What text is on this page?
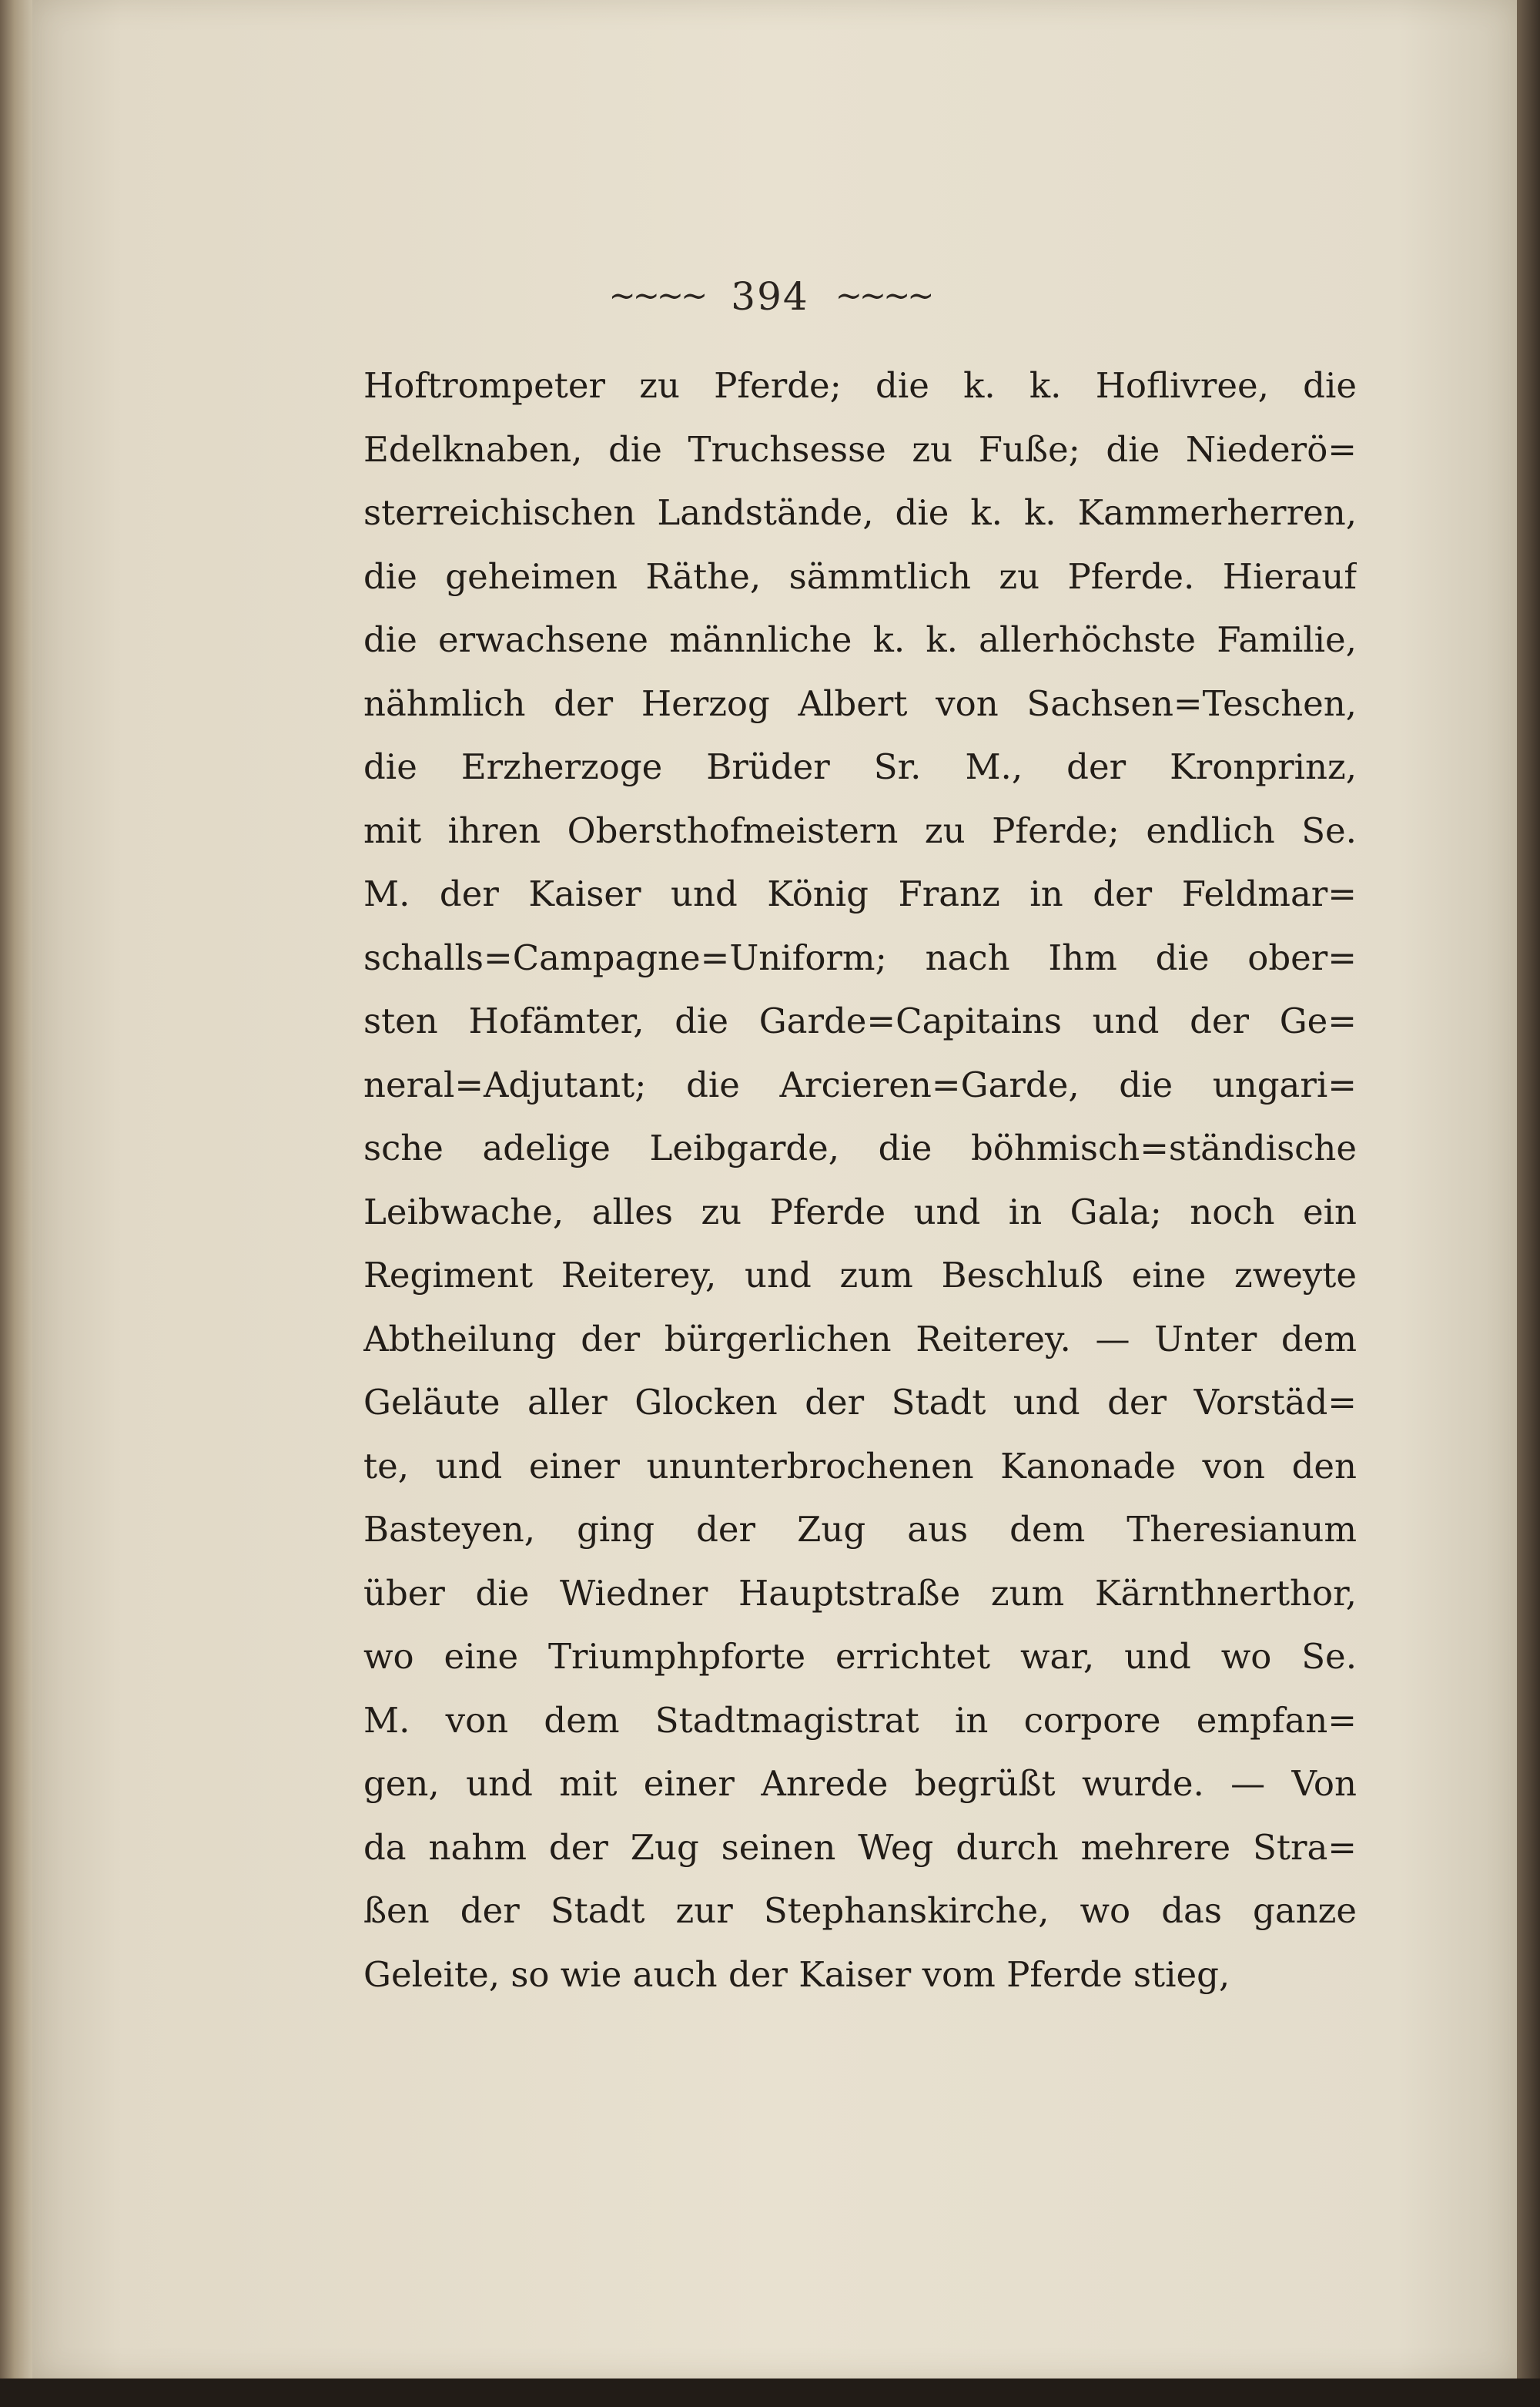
~~~~ 394 ~~~~
Hoftrompeter zu Pferde; die k. k. Hoflivree, die
Edelknaben, die Truchsesse zu Fuße; die Niederö=
sterreichischen Landstände, die k. k. Kammerherren,
die geheimen Räthe, sämmtlich zu Pferde. Hierauf
die erwachsene männliche k. k. allerhöchste Familie,
nähmlich der Herzog Albert von Sachsen=Teschen,
die Erzherzoge Brüder Sr. M., der Kronprinz,
mit ihren Obersthofmeistern zu Pferde; endlich Se.
M. der Kaiser und König Franz in der Feldmar=
schalls=Campagne=Uniform; nach Ihm die ober=
sten Hofämter, die Garde=Capitains und der Ge=
neral=Adjutant; die Arcieren=Garde, die ungari=
sche adelige Leibgarde, die böhmisch=ständische
Leibwache, alles zu Pferde und in Gala; noch ein
Regiment Reiterey, und zum Beschluß eine zweyte
Abtheilung der bürgerlichen Reiterey. — Unter dem
Geläute aller Glocken der Stadt und der Vorstäd=
te, und einer ununterbrochenen Kanonade von den
Basteyen, ging der Zug aus dem Theresianum
über die Wiedner Hauptstraße zum Kärnthnerthor,
wo eine Triumphpforte errichtet war, und wo Se.
M. von dem Stadtmagistrat in corpore empfan=
gen, und mit einer Anrede begrüßt wurde. — Von
da nahm der Zug seinen Weg durch mehrere Stra=
ßen der Stadt zur Stephanskirche, wo das ganze
Geleite, so wie auch der Kaiser vom Pferde stieg,
